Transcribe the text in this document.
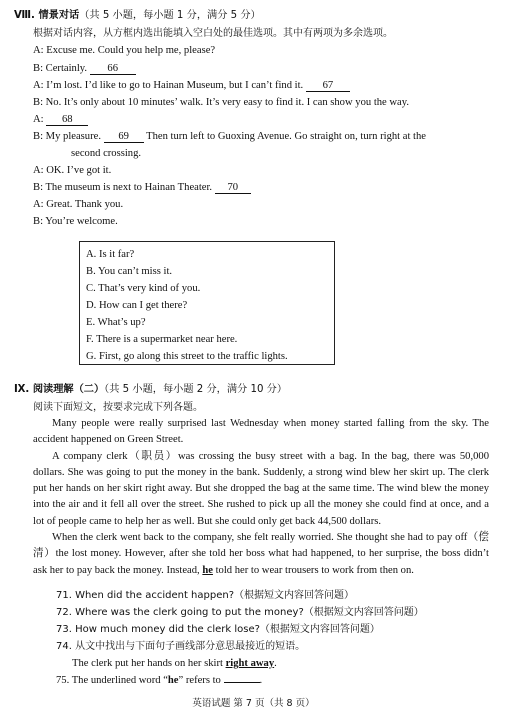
Ⅷ. 情景对话（共 5 小题，每小题 1 分，满分 5 分）
根据对话内容，从方框内选出能填入空白处的最佳选项。其中有两项为多余选项。
A: Excuse me. Could you help me, please?
B: Certainly. 66
A: I’m lost. I’d like to go to Hainan Museum, but I can’t find it. 67
B: No. It’s only about 10 minutes’ walk. It’s very easy to find it. I can show you the way.
A: 68
B: My pleasure. 69 Then turn left to Guoxing Avenue. Go straight on, turn right at the
second crossing.
A: OK. I’ve got it.
B: The museum is next to Hainan Theater. 70
A: Great. Thank you.
B: You’re welcome.
A. Is it far?
B. You can’t miss it.
C. That’s very kind of you.
D. How can I get there?
E. What’s up?
F. There is a supermarket near here.
G. First, go along this street to the traffic lights.
Ⅸ. 阅读理解（二）（共 5 小题，每小题 2 分，满分 10 分）
阅读下面短文，按要求完成下列各题。

Many people were really surprised last Wednesday when money started falling from the sky. The accident happened on Green Street.

A company clerk（职员）was crossing the busy street with a bag. In the bag, there was 50,000 dollars. She was going to put the money in the bank. Suddenly, a strong wind blew her skirt up. The clerk put her hands on her skirt right away. But she dropped the bag at the same time. The wind blew the money into the air and it fell all over the street. She rushed to pick up all the money she could find at once, and a lot of people came to help her as well. But she could only get back 44,500 dollars.

When the clerk went back to the company, she felt really worried. She thought she had to pay off（偿清）the lost money. However, after she told her boss what had happened, to her surprise, the boss didn’t ask her to pay back the money. Instead, he told her to wear trousers to work from then on.

71. When did the accident happen?（根据短文内容回答问题）
72. Where was the clerk going to put the money?（根据短文内容回答问题）
73. How much money did the clerk lose?（根据短文内容回答问题）
74. 从文中找出与下面句子画线部分意思最接近的短语。
The clerk put her hands on her skirt right away.
75. The underlined word “he” refers to	.
英语试题 第 7 页（共 8 页）
